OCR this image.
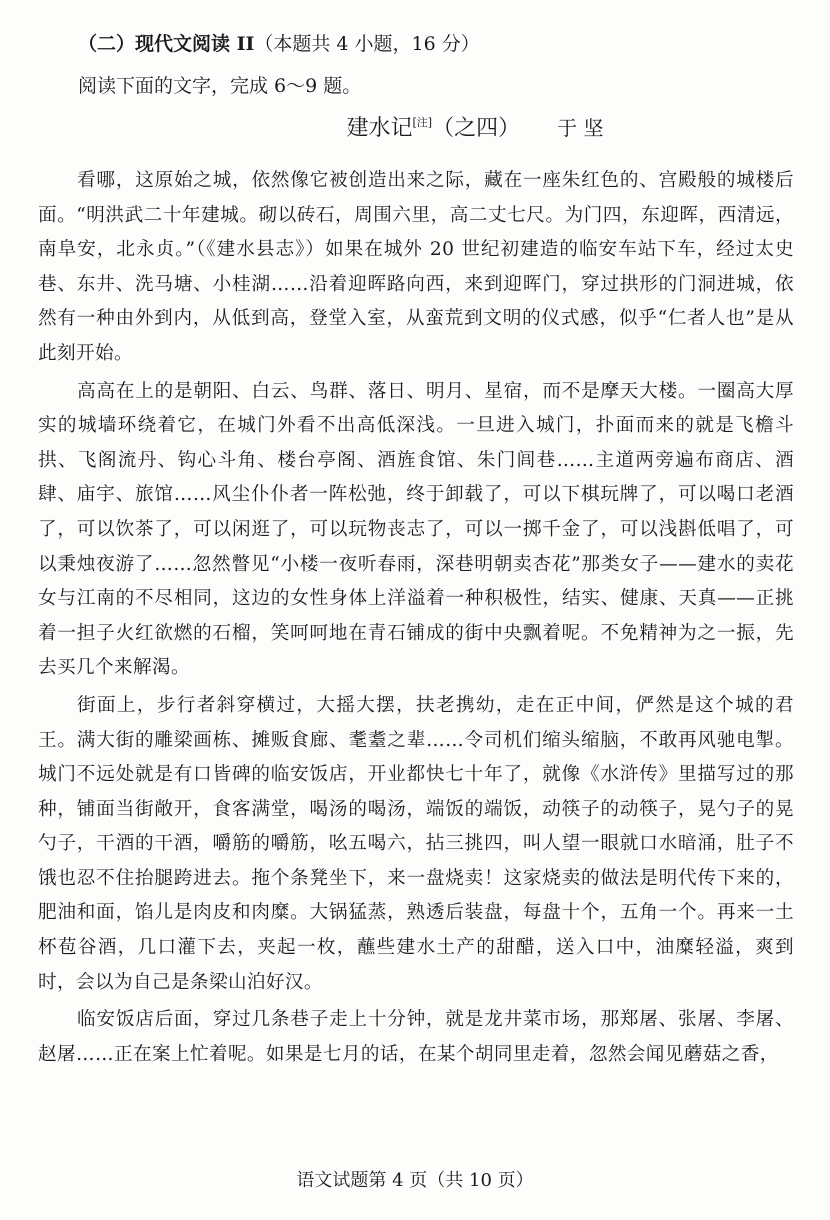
（二）现代文阅读 II（本题共 4 小题，16 分）
阅读下面的文字，完成 6～9 题。
建水记[注]（之四） 于 坚

看哪，这原始之城，依然像它被创造出来之际，藏在一座朱红色的、宫殿般的城楼后面。“明洪武二十年建城。砌以砖石，周围六里，高二丈七尺。为门四，东迎晖，西清远，南阜安，北永贞。”（《建水县志》）如果在城外 20 世纪初建造的临安车站下车，经过太史巷、东井、洗马塘、小桂湖……沿着迎晖路向西，来到迎晖门，穿过拱形的门洞进城，依然有一种由外到内，从低到高，登堂入室，从蛮荒到文明的仪式感，似乎“仁者人也”是从此刻开始。

高高在上的是朝阳、白云、鸟群、落日、明月、星宿，而不是摩天大楼。一圈高大厚实的城墙环绕着它，在城门外看不出高低深浅。一旦进入城门，扑面而来的就是飞檐斗拱、飞阁流丹、钩心斗角、楼台亭阁、酒旌食馆、朱门闾巷……主道两旁遍布商店、酒肆、庙宇、旅馆……风尘仆仆者一阵松弛，终于卸载了，可以下棋玩牌了，可以喝口老酒了，可以饮茶了，可以闲逛了，可以玩物丧志了，可以一掷千金了，可以浅斟低唱了，可以秉烛夜游了……忽然瞥见“小楼一夜听春雨，深巷明朝卖杏花”那类女子——建水的卖花女与江南的不尽相同，这边的女性身体上洋溢着一种积极性，结实、健康、天真——正挑着一担子火红欲燃的石榴，笑呵呵地在青石铺成的街中央飘着呢。不免精神为之一振，先去买几个来解渴。

街面上，步行者斜穿横过，大摇大摆，扶老携幼，走在正中间，俨然是这个城的君王。满大街的雕梁画栋、摊贩食廊、耄耋之辈……令司机们缩头缩脑，不敢再风驰电掣。城门不远处就是有口皆碑的临安饭店，开业都快七十年了，就像《水浒传》里描写过的那种，铺面当街敞开，食客满堂，喝汤的喝汤，端饭的端饭，动筷子的动筷子，晃勺子的晃勺子，干酒的干酒，嚼筋的嚼筋，吆五喝六，拈三挑四，叫人望一眼就口水暗涌，肚子不饿也忍不住抬腿跨进去。拖个条凳坐下，来一盘烧卖！这家烧卖的做法是明代传下来的，肥油和面，馅儿是肉皮和肉糜。大锅猛蒸，熟透后装盘，每盘十个，五角一个。再来一土杯苞谷酒，几口灌下去，夹起一枚，蘸些建水土产的甜醋，送入口中，油糜轻溢，爽到时，会以为自己是条梁山泊好汉。

临安饭店后面，穿过几条巷子走上十分钟，就是龙井菜市场，那郑屠、张屠、李屠、赵屠……正在案上忙着呢。如果是七月的话，在某个胡同里走着，忽然会闻见蘑菇之香，

语文试题第 4 页（共 10 页）
